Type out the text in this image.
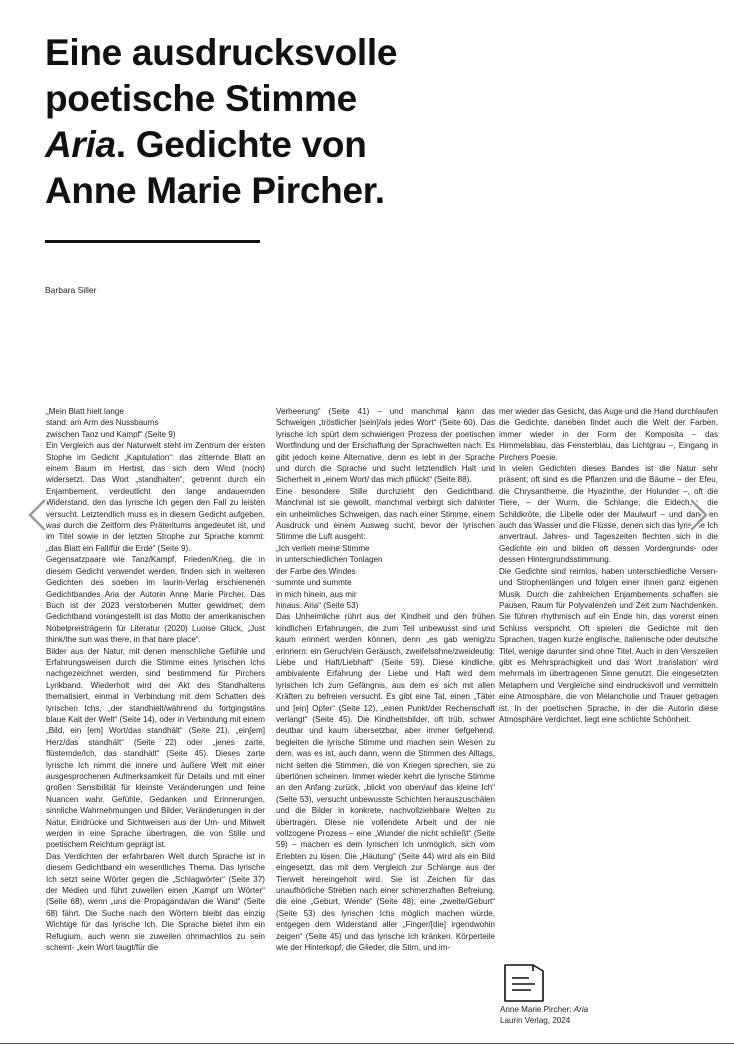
Eine ausdrucksvolle
poetische Stimme
Aria. Gedichte von
Anne Marie Pircher.
Barbara Siller

„Mein Blatt hielt lange

stand: am Arm des Nussbaums

zwischen Tanz und Kampf“ (Seite 9)

Ein Vergleich aus der Naturwelt steht im Zentrum der ersten Stophe im Gedicht „Kapitulation“: das zitternde Blatt an einem Baum im Herbst, das sich dem Wind (noch) widersetzt. Das Wort „standhalten“, getrennt durch ein Enjambement, verdeutlicht den lange andauernden Widerstand, den das lyrische Ich gegen den Fall zu leisten versucht. Letztendlich muss es in diesem Gedicht aufgeben, was durch die Zeitform des Präteritums angedeutet ist, und im Titel sowie in der letzten Strophe zur Sprache kommt: „das Blatt ein Fall/für die Erde“ (Seite 9).

Gegensatzpaare wie Tanz/Kampf, Frieden/Krieg, die in diesem Gedicht verwendet werden, finden sich in weiteren Gedichten des soeben im laurin-Verlag erschienenen Gedichtbandes Aria der Autorin Anne Marie Pircher. Das Buch ist der 2023 verstorbenen Mutter gewidmet; dem Gedichtband vorangestellt ist das Motto der amerikanischen Nobelpreisträgerin für Literatur (2020) Luoise Glück, „Just think/the sun was there, in that bare place“.

Bilder aus der Natur, mit denen menschliche Gefühle und Erfahrungsweisen durch die Stimme eines lyrischen Ichs nachgezeichnet werden, sind bestimmend für Pirchers Lyrikband. Wiederholt wird der Akt des Standhaltens thematisiert, einmal in Verbindung mit dem Schatten des lyrischen Ichs, „der standhielt/während du fortgingst/ins blaue Kalt der Welt“ (Seite 14), oder in Verbindung mit einem „Bild, ein [em] Wort/das standhält“ (Seite 21), „ein[em] Herz/das standhält“ (Seite 22) oder „jenes zarte, flüsternde/Ich, das standhält“ (Seite 45). Dieses zarte lyrische Ich nimmt die innere und äußere Welt mit einer ausgesprochenen Aufmerksamkeit für Details und mit einer großen Sensibilität für kleinste Veränderungen und feine Nuancen wahr. Gefühle, Gedanken und Erinnerungen, sinnliche Wahrnehmungen und Bilder, Veränderungen in der Natur, Eindrücke und Sichtweisen aus der Um- und Mitwelt werden in eine Sprache übertragen, die von Stille und poetischem Reichtum geprägt ist.

Das Verdichten der erfahrbaren Welt durch Sprache ist in diesem Gedichtband ein wesentliches Thema. Das lyrische Ich setzt seine Wörter gegen die „Schlagwörter“ (Seite 37) der Medien und führt zuweilen einen „Kampf um Wörter“ (Seite 68), wenn „uns die Propaganda/an die Wand“ (Seite 68) fährt. Die Suche nach den Wörtern bleibt das einzig Wichtige für das lyrische Ich. Die Sprache bietet ihm ein Refugium, auch wenn sie zuweilen ohnmachtlos zu sein scheint- „kein Wort taugt/für die

Verheerung“ (Seite 41) – und manchmal kann das Schweigen „tröstlicher [sein]/als jedes Wort“ (Seite 60). Das lyrische Ich spürt dem schwierigen Prozess der poetischen Wortfindung und der Erschaffung der Sprachwelten nach. Es gibt jedoch keine Alternative, denn es lebt in der Sprache und durch die Sprache und sucht letztendlich Halt und Sicherheit in „einem Wort/ das mich pflückt“ (Seite 88).

Eine besondere Stille durchzieht den Gedichtband. Manchmal ist sie gewollt, manchmal verbirgt sich dahinter ein unheimliches Schweigen, das nach einer Stimme, einem Ausdruck und einem Ausweg sucht, bevor der lyrischen Stimme die Luft ausgeht:

„Ich verlieh meine Stimme

in unterschiedlichen Tonlagen

der Farbe des Windes

summte und summte

in mich hinein, aus mir

hinaus: Aria“ (Seite 53)

Das Unheimliche rührt aus der Kindheit und den frühen kindlichen Erfahrungen, die zum Teil unbewusst sind und kaum erinnert werden können, denn „es gab wenig/zu erinnern: ein Geruch/ein Geräusch, zweifelsohne/zweideutig: Liebe und Haft/Liebhaft“ (Seite 59). Diese kindliche, ambivalente Erfahrung der Liebe und Haft wird dem lyrischen Ich zum Gefängnis, aus dem es sich mit allen Kräften zu befreien versucht. Es gibt eine Tat, einen „Täter und [ein] Opfer“ (Seite 12), „einen Punkt/der Rechenschaft verlangt“ (Seite 45). Die Kindheitsbilder, oft trüb, schwer deutbar und kaum übersetzbar, aber immer tiefgehend, begleiten die lyrische Stimme und machen sein Wesen zu dem, was es ist, auch dann, wenn die Stimmen des Alltags, nicht selten die Stimmen, die von Kriegen sprechen, sie zu übertönen scheinen. Immer wieder kehrt die lyrische Stimme an den Anfang zurück, „blickt von oben/auf das kleine Ich“ (Seite 53), versucht unbewusste Schichten herauszuschälen und die Bilder in konkrete, nachvollziehbare Welten zu übertragen. Diese nie vollendete Arbeit und der nie vollzogene Prozess – eine „Wunde/ die nicht schließt“ (Seite 59) – machen es dem lyrischen Ich unmöglich, sich vom Erlebten zu lösen. Die „Häutung“ (Seite 44) wird als ein Bild eingesetzt, das mit dem Vergleich zur Schlange aus der Tierwelt hereingeholt wird. Sie ist Zeichen für das unaufhörliche Streben nach einer schmerzhaften Befreiung, die eine „Geburt, Wende“ (Seite 48), eine „zweite/Geburt“ (Seite 53) des lyrischen Ichs möglich machen würde, entgegen dem Widerstand aller „Finger/[die] irgendwohin zeigen“ (Seite 45) und das lyrische Ich kränken. Körperteile wie der Hinterkopf, die Glieder, die Stirn, und im-

mer wieder das Gesicht, das Auge und die Hand durchlaufen die Gedichte, daneben findet auch die Welt der Farben, immer wieder in der Form der Komposita – das Himmelsblau, das Fensterblau, das Lichtgrau –, Eingang in Pirchers Poesie.

In vielen Gedichten dieses Bandes ist die Natur sehr präsent; oft sind es die Pflanzen und die Bäume – der Efeu, die Chrysantheme, die Hyazinthe, der Holunder –, oft die Tiere, – der Wurm, die Schlange, die Eidechse, die Schildkröte, die Libelle oder der Maulwurf – und daneben auch das Wasser und die Flüsse, denen sich das lyrische Ich anvertraut. Jahres- und Tageszeiten flechten sich in die Gedichte ein und bilden oft dessen Vordergrunds- oder dessen Hintergrundsstimmung.

Die Gedichte sind reimlos, haben unterschiedliche Versen- und Strophenlängen und folgen einer ihnen ganz eigenen Musik. Durch die zahlreichen Enjambements schaffen sie Pausen, Raum für Polyvalenzen und Zeit zum Nachdenken. Sie führen rhythmisch auf ein Ende hin, das vorerst einen Schluss verspricht. Oft spielen die Gedichte mit den Sprachen, tragen kurze englische, italienische oder deutsche Titel, wenige darunter sind ohne Titel. Auch in den Verszeilen gibt es Mehrsprachigkeit und das Wort ‚translation‘ wird mehrmals im übertragenen Sinne genutzt. Die eingesetzten Metaphern und Vergleiche sind eindrucksvoll und vermitteln eine Atmosphäre, die von Melancholie und Trauer getragen ist. In der poetischen Sprache, in der die Autorin diese Atmosphäre verdichtet, liegt eine schlichte Schönheit.

Anne Marie Pircher: Aria
Laurin Verlag, 2024
